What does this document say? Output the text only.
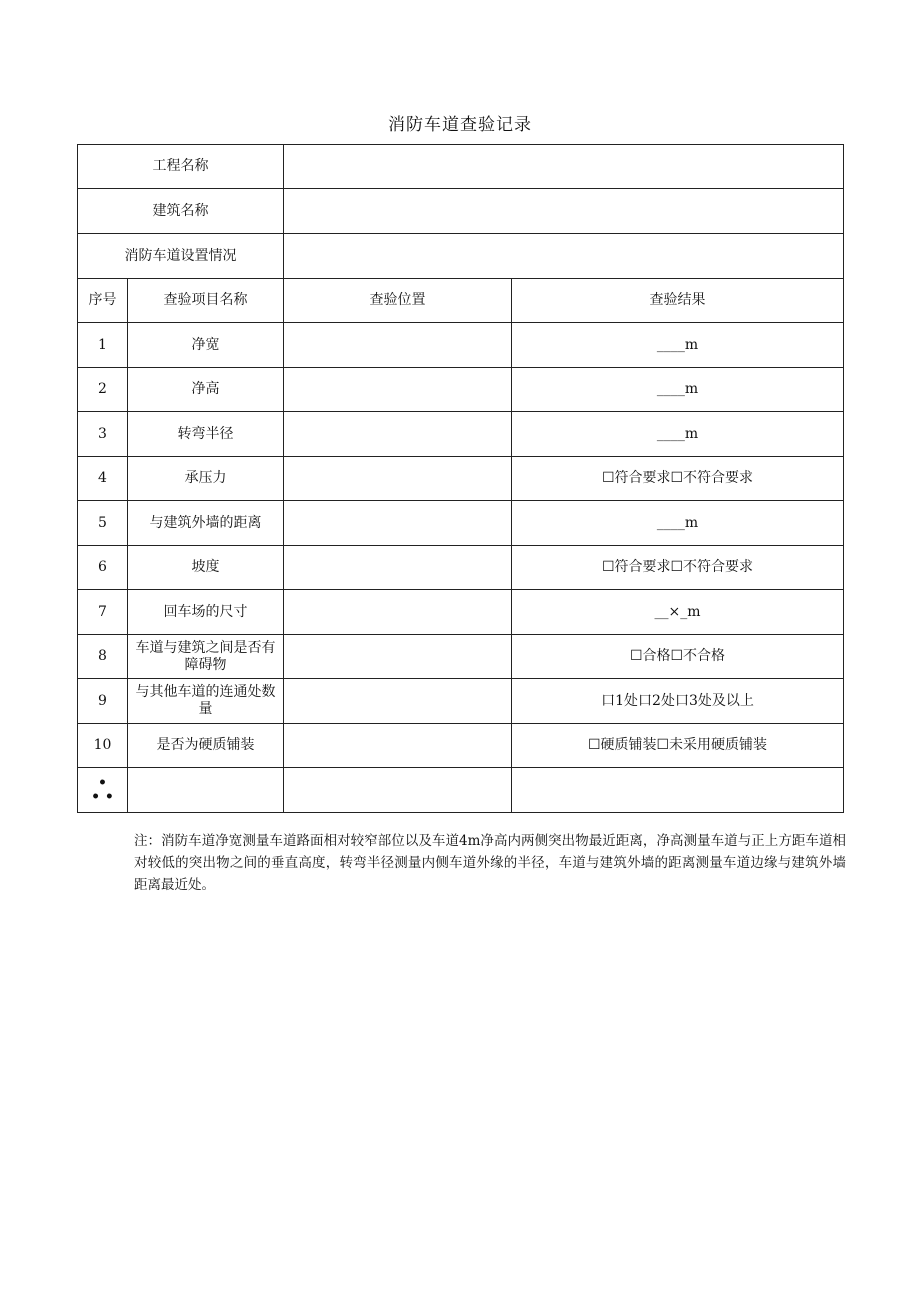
消防车道查验记录
工程名称			
建筑名称			
消防车道设置情况			
序号	查验项目名称	查验位置	查验结果
1	净宽		____m
2	净高		____m
3	转弯半径		____m
4	承压力		☐符合要求☐不符合要求
5	与建筑外墙的距离		____m
6	坡度		☐符合要求☐不符合要求
7	回车场的尺寸		__×_m
8	车道与建筑之间是否有障碍物		☐合格☐不合格
9	与其他车道的连通处数量		口1处口2处口3处及以上
10	是否为硬质铺装		☐硬质铺装☐未采用硬质铺装

•
• •			

注：消防车道净宽测量车道路面相对较窄部位以及车道4m净高内两侧突出物最近距离，净高测量车道与正上方距车道相对较低的突出物之间的垂直高度，转弯半径测量内侧车道外缘的半径，车道与建筑外墙的距离测量车道边缘与建筑外墙距离最近处。
